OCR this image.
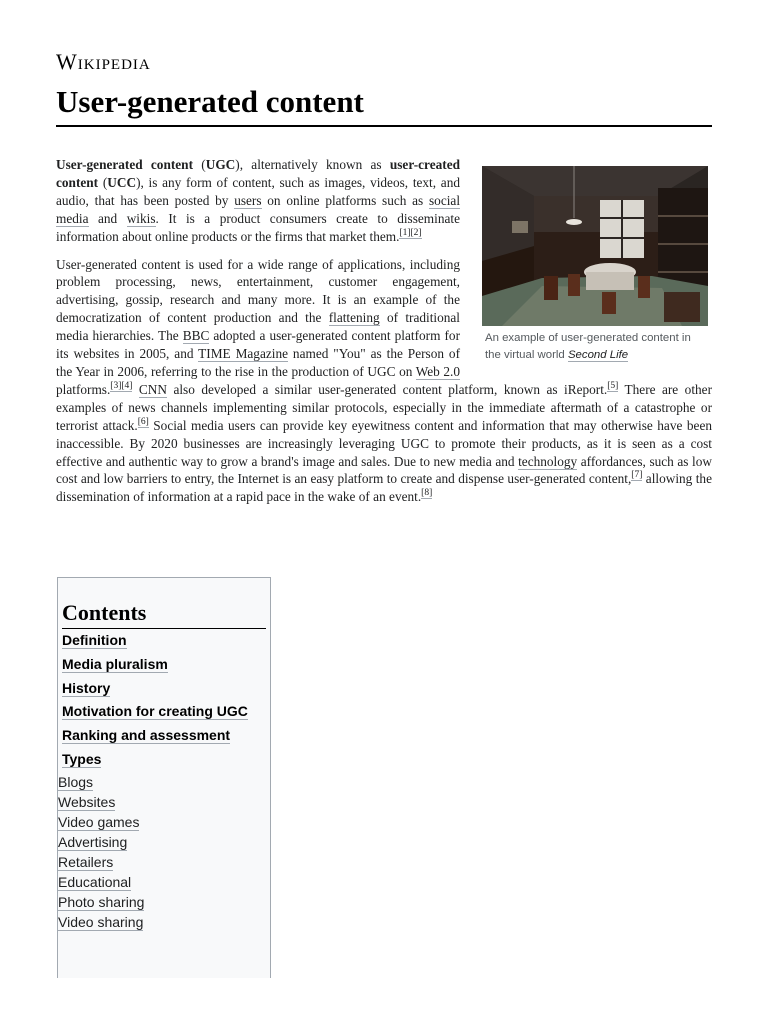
Wikipedia
User-generated content
An example of user-generated content in the virtual world Second Life

User-generated content (UGC), alternatively known as user-created content (UCC), is any form of content, such as images, videos, text, and audio, that has been posted by users on online platforms such as social media and wikis. It is a product consumers create to disseminate information about online products or the firms that market them.[1][2]

User-generated content is used for a wide range of applications, including problem processing, news, entertainment, customer engagement, advertising, gossip, research and many more. It is an example of the democratization of content production and the flattening of traditional media hierarchies. The BBC adopted a user-generated content platform for its websites in 2005, and TIME Magazine named "You" as the Person of the Year in 2006, referring to the rise in the production of UGC on Web 2.0 platforms.[3][4] CNN also developed a similar user-generated content platform, known as iReport.[5] There are other examples of news channels implementing similar protocols, especially in the immediate aftermath of a catastrophe or terrorist attack.[6] Social media users can provide key eyewitness content and information that may otherwise have been inaccessible. By 2020 businesses are increasingly leveraging UGC to promote their products, as it is seen as a cost effective and authentic way to grow a brand's image and sales. Due to new media and technology affordances, such as low cost and low barriers to entry, the Internet is an easy platform to create and dispense user-generated content,[7] allowing the dissemination of information at a rapid pace in the wake of an event.[8]

Contents
Definition
Media pluralism
History
Motivation for creating UGC
Ranking and assessment
Types
Blogs
Websites
Video games
Advertising
Retailers
Educational
Photo sharing
Video sharing
